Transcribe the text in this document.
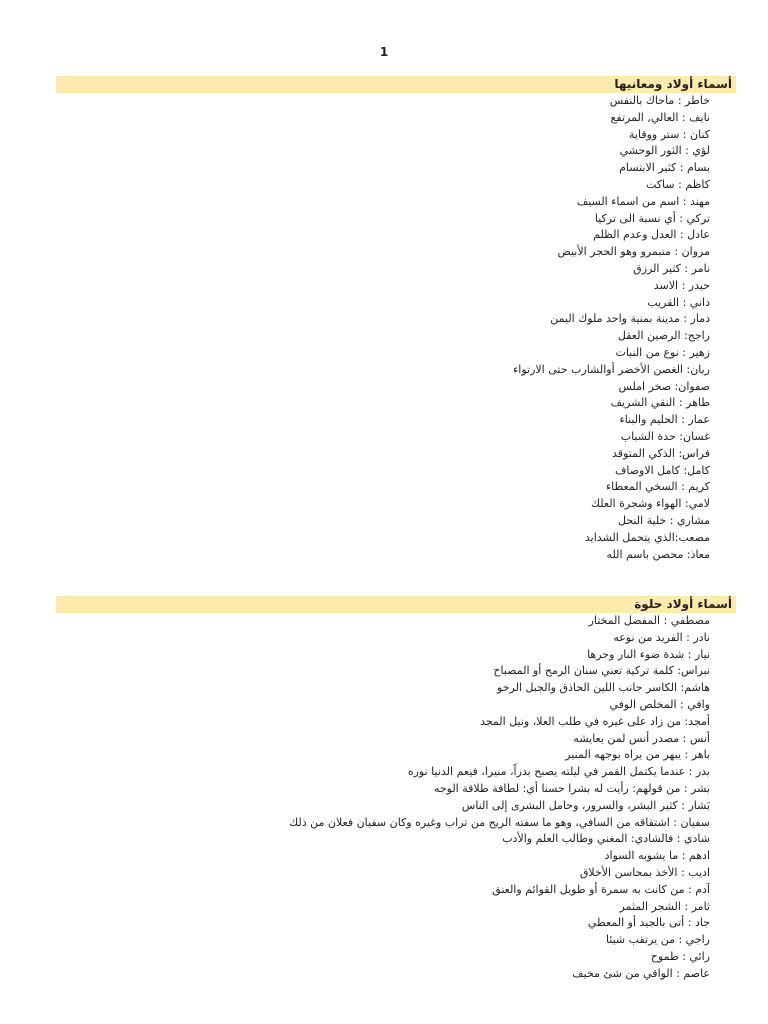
1
أسماء أولاد ومعانيها
خاطر : ماحاك بالنفس
نايف : العالي, المرتفع
كنان : ستر ووقاية
لؤي : الثور الوحشي
بسام : كثير الابتسام
كاظم : ساكت
مهند : اسم من اسماء السيف
تركي : أي نسبة الى تركيا
عادل : العدل وعدم الظلم
مروان : متبمرو وهو الحجر الأبيض
نامر : كثير الرزق
حيدر : الاسد
داني : القريب
دمار : مدينة بمنية واحد ملوك اليمن
راجح: الرصين العقل
زهير : نوع من النبات
ريان: الغصن الأخضر أوالشارب حتى الارتواء
صفوان: صخر املس
طاهر : النقي الشريف
عمار : الحليم والبناء
غسان: حدة الشباب
فراس: الذكي المتوقد
كامل: كامل الاوصاف
كريم : السخي المعطاء
لامي: الهواء وشجرة العلك
مشاري : خلية النحل
مصعب:الذي يتحمل الشدايد
معاذ: محصن باسم الله
أسماء أولاد حلوة
مصطفي : المفضل المختار
نادر : الفريد من نوعه
نيار : شدة ضوء النار وحرها
نبراس: كلمة تركية تعني سنان الرمح أو المصباح
هاشم: الكاسر جانب اللين الحاذق والجبل الرخو
وافي : المخلص الوفي
أمجد: من زاد على غيره في طلب العلا، ونيل المجد
أنس : مصدر أنس لمن يعايشه
باهر : يبهر من يراه بوجهه المنير
بدر : عندما يكتمل القمر في ليلته يصبح بدراً، منيرا، فيعم الدنيا نوره
بشر : من قولهم: رأيت له بشرا حسنا أي: لطافة طلاقة الوجه
بَشار : كثير البشر، والسرور، وحامل البشرى إلى الناس
سفيان : اشتقاقه من السافي، وهو ما سفته الريح من تراب وغيره وكان سفيان فعلان من ذلك
شادي : فالشادي: المغني وطالب العلم والأدب
ادهم : ما يشوبه السواد
اديب : الأخذ بمحاسن الأخلاق
آدم : من كانت به سمرة أو طويل القوائم والعنق
ثامر : الشجر المثمر
جاد : أتى بالجيد أو المعطي
راجي : من يرتقب شيئا
رائي : طموح
عاصم : الواقي من شئ مخيف
